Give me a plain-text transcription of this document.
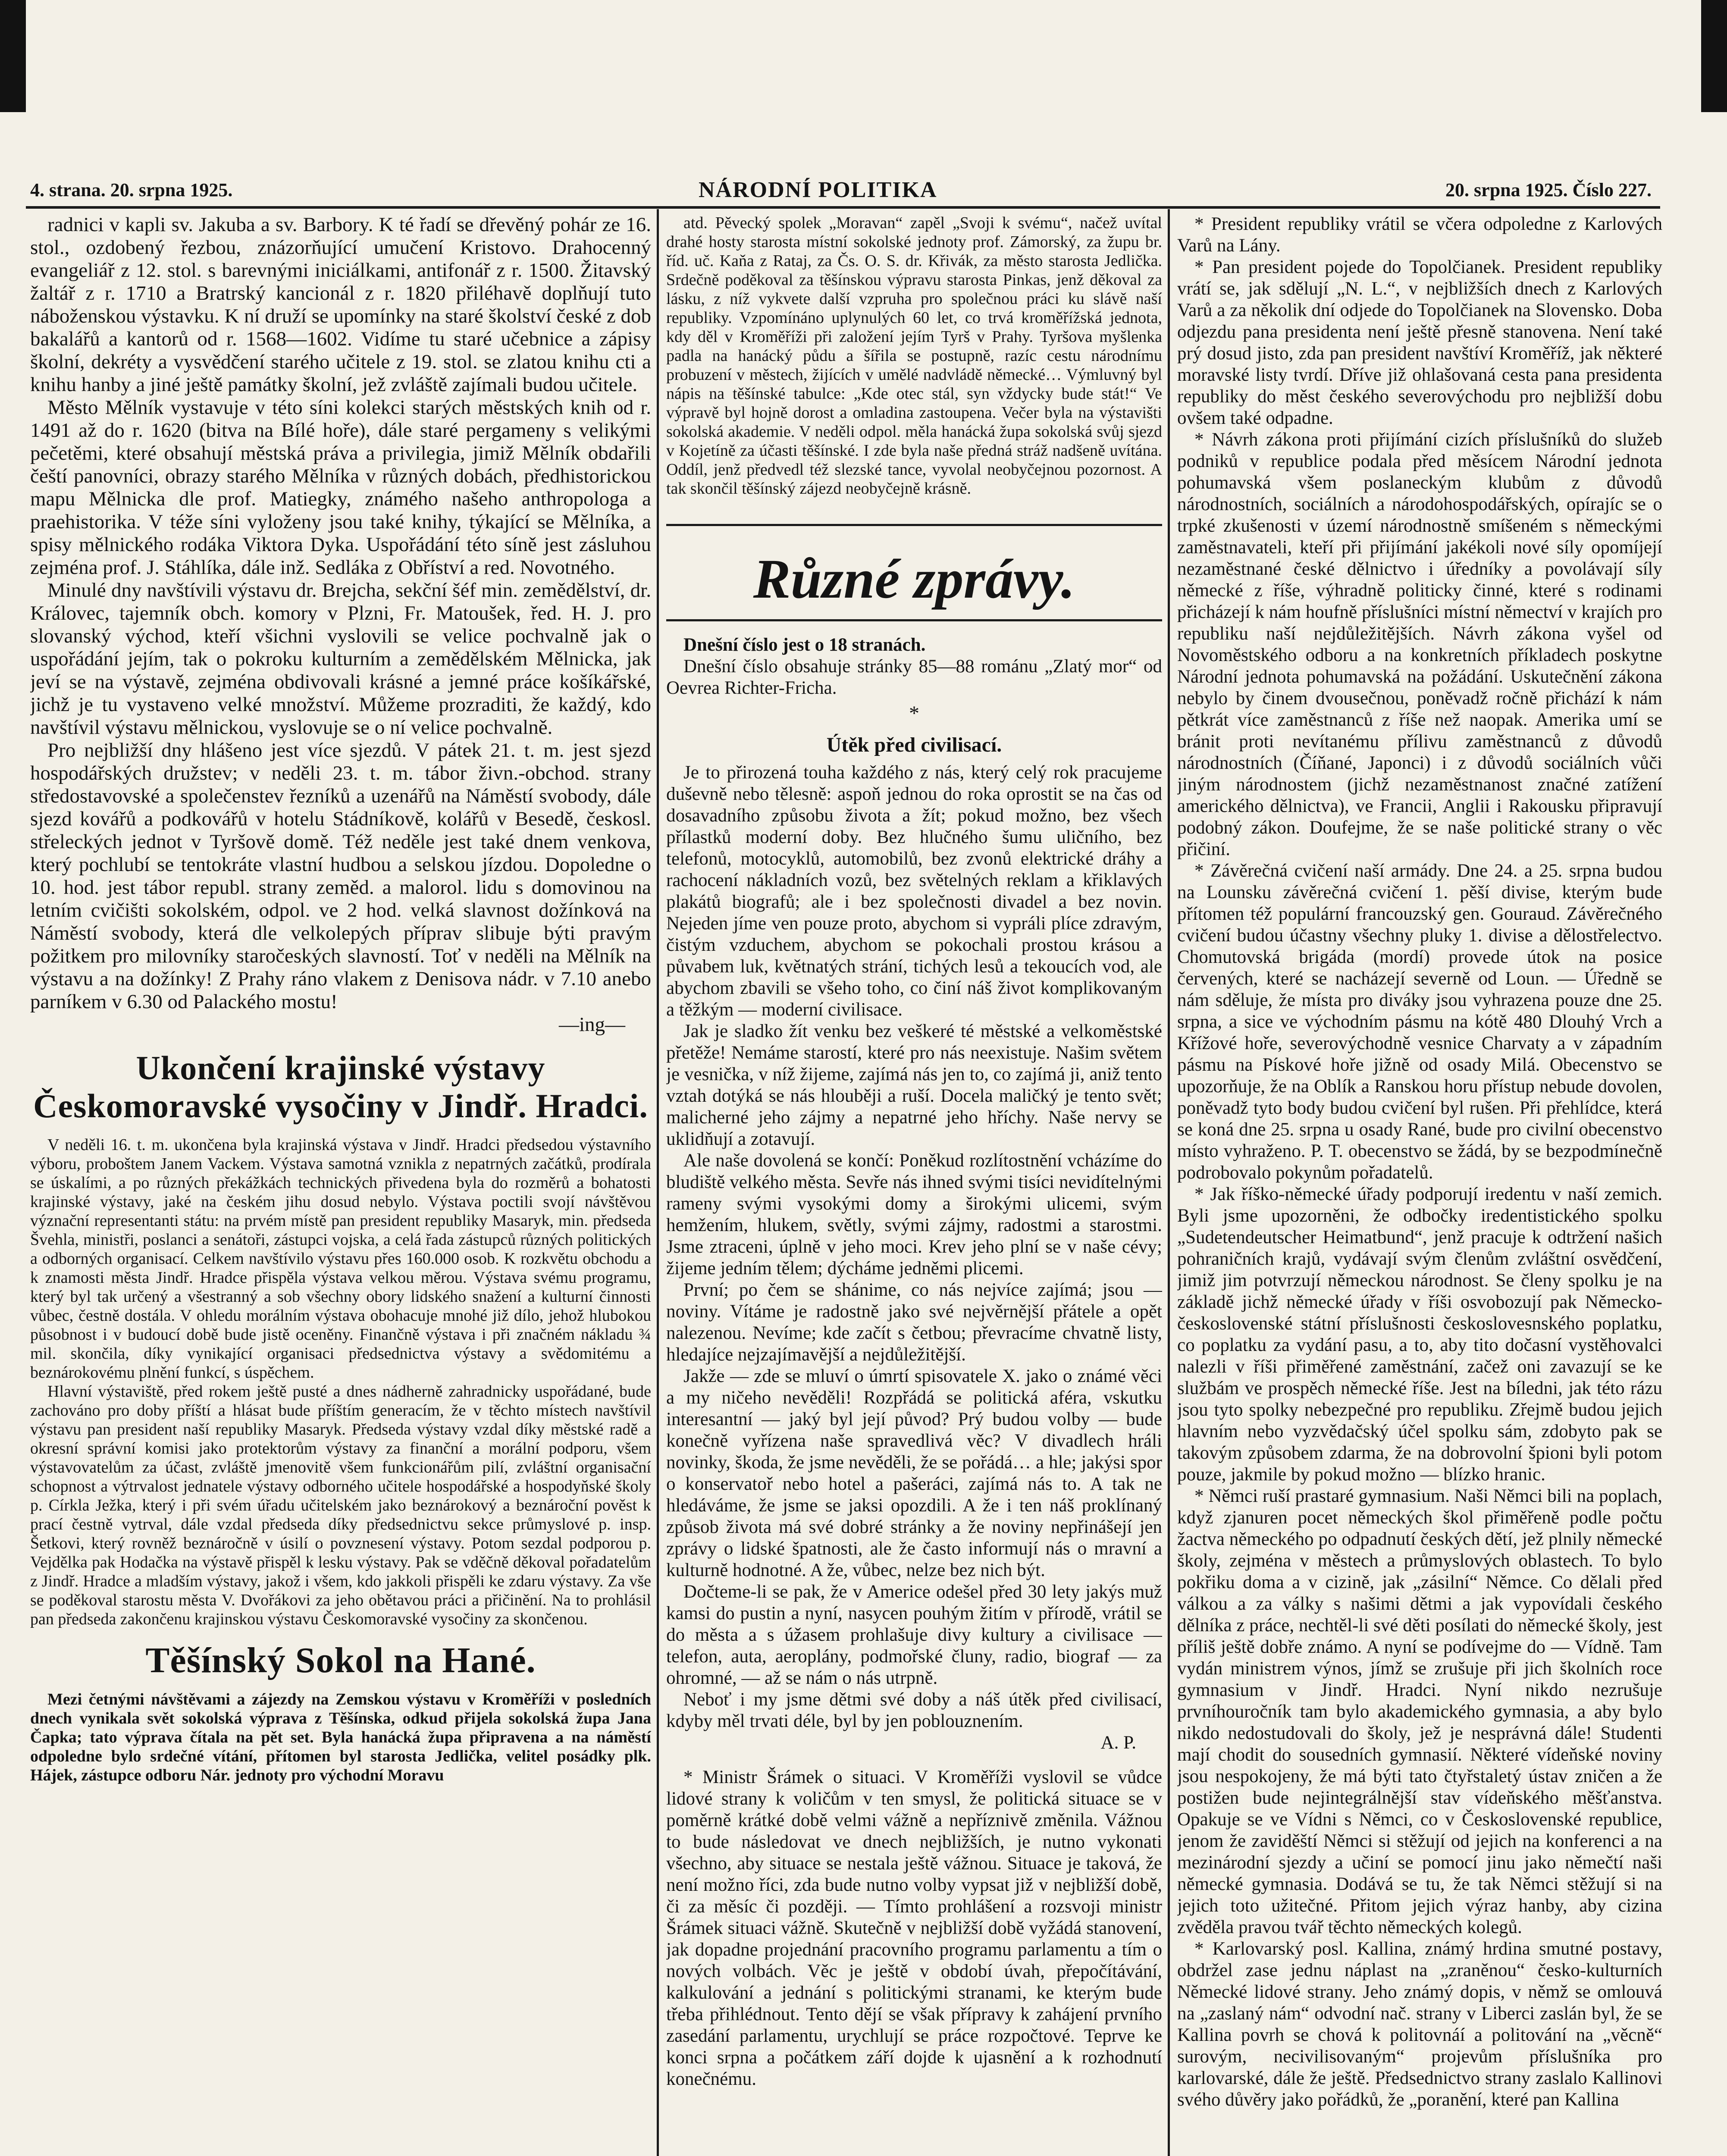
4. strana. 20. srpna 1925.	NÁRODNÍ POLITIKA	20. srpna 1925. Číslo 227.

radnici v kapli sv. Jakuba a sv. Barbory. K té řadí se dřevěný pohár ze 16. stol., ozdobený řezbou, znázorňující umučení Kristovo. Drahocenný evangeliář z 12. stol. s barevnými iniciálkami, antifonář z r. 1500. Žitavský žaltář z r. 1710 a Bratrský kancionál z r. 1820 přiléhavě doplňují tuto náboženskou výstavku. K ní druží se upomínky na staré školství české z dob bakalářů a kantorů od r. 1568—1602. Vidíme tu staré učebnice a zápisy školní, dekréty a vysvědčení starého učitele z 19. stol. se zlatou knihu cti a knihu hanby a jiné ještě památky školní, jež zvláště zajímali budou učitele.

Město Mělník vystavuje v této síni kolekci starých městských knih od r. 1491 až do r. 1620 (bitva na Bílé hoře), dále staré pergameny s velikými pečetěmi, které obsahují městská práva a privilegia, jimiž Mělník obdařili čeští panovníci, obrazy starého Mělníka v různých dobách, předhistorickou mapu Mělnicka dle prof. Matiegky, známého našeho anthropologa a praehistorika. V téže síni vyloženy jsou také knihy, týkající se Mělníka, a spisy mělnického rodáka Viktora Dyka. Uspořádání této síně jest zásluhou zejména prof. J. Stáhlíka, dále inž. Sedláka z Obříství a red. Novotného.

Minulé dny navštívili výstavu dr. Brejcha, sekční šéf min. zemědělství, dr. Královec, tajemník obch. komory v Plzni, Fr. Matoušek, řed. H. J. pro slovanský východ, kteří všichni vyslovili se velice pochvalně jak o uspořádání jejím, tak o pokroku kulturním a zemědělském Mělnicka, jak jeví se na výstavě, zejména obdivovali krásné a jemné práce košíkářské, jichž je tu vystaveno velké množství. Můžeme prozraditi, že každý, kdo navštívil výstavu mělnickou, vyslovuje se o ní velice pochvalně.

Pro nejbližší dny hlášeno jest více sjezdů. V pátek 21. t. m. jest sjezd hospodářských družstev; v neděli 23. t. m. tábor živn.-obchod. strany středostavovské a společenstev řezníků a uzenářů na Náměstí svobody, dále sjezd kovářů a podkovářů v hotelu Stádníkově, kolářů v Besedě, českosl. střeleckých jednot v Tyršově domě. Též neděle jest také dnem venkova, který pochlubí se tentokráte vlastní hudbou a selskou jízdou. Dopoledne o 10. hod. jest tábor republ. strany zeměd. a malorol. lidu s domovinou na letním cvičišti sokolském, odpol. ve 2 hod. velká slavnost dožínková na Náměstí svobody, která dle velkolepých příprav slibuje býti pravým požitkem pro milovníky staročeských slavností. Toť v neděli na Mělník na výstavu a na dožínky! Z Prahy ráno vlakem z Denisova nádr. v 7.10 anebo parníkem v 6.30 od Palackého mostu!

—ing—

Ukončení krajinské výstavy Českomoravské vysočiny v Jindř. Hradci.

V neděli 16. t. m. ukončena byla krajinská výstava v Jindř. Hradci předsedou výstavního výboru, proboštem Janem Vackem. Výstava samotná vznikla z nepatrných začátků, prodírala se úskalími, a po různých překážkách technických přivedena byla do rozměrů a bohatosti krajinské výstavy, jaké na českém jihu dosud nebylo. Výstava poctili svojí návštěvou význační representanti státu: na prvém místě pan president republiky Masaryk, min. předseda Švehla, ministři, poslanci a senátoři, zástupci vojska, a celá řada zástupců různých politických a odborných organisací. Celkem navštívilo výstavu přes 160.000 osob. K rozkvětu obchodu a k znamosti města Jindř. Hradce přispěla výstava velkou měrou. Výstava svému programu, který byl tak určený a všestranný a sob všechny obory lidského snažení a kulturní činnosti vůbec, čestně dostála. V ohledu morálním výstava obohacuje mnohé již dílo, jehož hlubokou působnost i v budoucí době bude jistě oceněny. Finančně výstava i při značném nákladu ¾ mil. skončila, díky vynikající organisaci předsednictva výstavy a svědomitému a beznárokovému plnění funkcí, s úspěchem.

Hlavní výstaviště, před rokem ještě pusté a dnes nádherně zahradnicky uspořádané, bude zachováno pro doby příští a hlásat bude příštím generacím, že v těchto místech navštívil výstavu pan president naší republiky Masaryk. Předseda výstavy vzdal díky městské radě a okresní správní komisi jako protektorům výstavy za finanční a morální podporu, všem výstavovatelům za účast, zvláště jmenovitě všem funkcionářům pilí, zvláštní organisační schopnost a výtrvalost jednatele výstavy odborného učitele hospodářské a hospodyňské školy p. Církla Ježka, který i při svém úřadu učitelském jako beznárokový a beznároční pověst k prací čestně vytrval, dále vzdal předseda díky předsednictvu sekce průmyslové p. insp. Šetkovi, který rovněž beznáročně v úsilí o povznesení výstavy. Potom sezdal podporou p. Vejdělka pak Hodačka na výstavě přispěl k lesku výstavy. Pak se vděčně děkoval pořadatelům z Jindř. Hradce a mladším výstavy, jakož i všem, kdo jakkoli přispěli ke zdaru výstavy. Za vše se poděkoval starostu města V. Dvořákovi za jeho obětavou práci a přičinění. Na to prohlásil pan předseda zakončenu krajinskou výstavu Českomoravské vysočiny za skončenou.

Těšínský Sokol na Hané.

Mezi četnými návštěvami a zájezdy na Zemskou výstavu v Kroměříži v posledních dnech vynikala svět sokolská výprava z Těšínska, odkud přijela sokolská župa Jana Čapka; tato výprava čítala na pět set. Byla hanácká župa připravena a na náměstí odpoledne bylo srdečné vítání, přítomen byl starosta Jedlička, velitel posádky plk. Hájek, zástupce odboru Nár. jednoty pro východní Moravu

atd. Pěvecký spolek „Moravan“ zapěl „Svoji k svému“, načež uvítal drahé hosty starosta místní sokolské jednoty prof. Zámorský, za župu br. říd. uč. Kaňa z Rataj, za Čs. O. S. dr. Křivák, za město starosta Jedlička. Srdečně poděkoval za těšínskou výpravu starosta Pinkas, jenž děkoval za lásku, z níž vykvete další vzpruha pro společnou práci ku slávě naší republiky. Vzpomínáno uplynulých 60 let, co trvá kroměřížská jednota, kdy děl v Kroměříži při založení jejím Tyrš v Prahy. Tyršova myšlenka padla na hanácký půdu a šířila se postupně, razíc cestu národnímu probuzení v městech, žijících v umělé nadvládě německé… Výmluvný byl nápis na těšínské tabulce: „Kde otec stál, syn vždycky bude stát!“ Ve výpravě byl hojně dorost a omladina zastoupena. Večer byla na výstavišti sokolská akademie. V neděli odpol. měla hanácká župa sokolská svůj sjezd v Kojetíně za účasti těšínské. I zde byla naše předná stráž nadšeně uvítána. Oddíl, jenž předvedl též slezské tance, vyvolal neobyčejnou pozornost. A tak skončil těšínský zájezd neobyčejně krásně.

Různé zprávy.

Dnešní číslo jest o 18 stranách.

Dnešní číslo obsahuje stránky 85—88 románu „Zlatý mor“ od Oevrea Richter-Fricha.

*
Útěk před civilisací.

Je to přirozená touha každého z nás, který celý rok pracujeme duševně nebo tělesně: aspoň jednou do roka oprostit se na čas od dosavadního způsobu života a žít; pokud možno, bez všech přílastků moderní doby. Bez hlučného šumu uličního, bez telefonů, motocyklů, automobilů, bez zvonů elektrické dráhy a rachocení nákladních vozů, bez světelných reklam a křiklavých plakátů biografů; ale i bez společnosti divadel a bez novin. Nejeden jíme ven pouze proto, abychom si vypráli plíce zdravým, čistým vzduchem, abychom se pokochali prostou krásou a půvabem luk, květnatých strání, tichých lesů a tekoucích vod, ale abychom zbavili se všeho toho, co činí náš život komplikovaným a těžkým — moderní civilisace.

Jak je sladko žít venku bez veškeré té městské a velkoměstské přetěže! Nemáme starostí, které pro nás neexistuje. Našim světem je vesnička, v níž žijeme, zajímá nás jen to, co zajímá ji, aniž tento vztah dotýká se nás hlouběji a ruší. Docela maličký je tento svět; malicherné jeho zájmy a nepatrné jeho hříchy. Naše nervy se uklidňují a zotavují.

Ale naše dovolená se končí: Poněkud rozlítostnění vcházíme do bludiště velkého města. Sevře nás ihned svými tisíci nevidítelnými rameny svými vysokými domy a širokými ulicemi, svým hemžením, hlukem, světly, svými zájmy, radostmi a starostmi. Jsme ztraceni, úplně v jeho moci. Krev jeho plní se v naše cévy; žijeme jedním tělem; dýcháme jedněmi plicemi.

První; po čem se shánime, co nás nejvíce zajímá; jsou — noviny. Vítáme je radostně jako své nejvěrnější přátele a opět nalezenou. Nevíme; kde začít s četbou; převracíme chvatně listy, hledajíce nejzajímavější a nejdůležitější.

Jakže — zde se mluví o úmrtí spisovatele X. jako o známé věci a my ničeho nevěděli! Rozpřádá se politická aféra, vskutku interesantní — jaký byl její původ? Prý budou volby — bude konečně vyřízena naše spravedlivá věc? V divadlech hráli novinky, škoda, že jsme nevěděli, že se pořádá… a hle; jakýsi spor o konservatoř nebo hotel a pašeráci, zajímá nás to. A tak ne hledáváme, že jsme se jaksi opozdili. A že i ten náš proklínaný způsob života má své dobré stránky a že noviny nepřinášejí jen zprávy o lidské špatnosti, ale že často informují nás o mravní a kulturně hodnotné. A že, vůbec, nelze bez nich být.

Dočteme-li se pak, že v Americe odešel před 30 lety jakýs muž kamsi do pustin a nyní, nasycen pouhým žitím v přírodě, vrátil se do města a s úžasem prohlašuje divy kultury a civilisace — telefon, auta, aeroplány, podmořské čluny, radio, biograf — za ohromné, — až se nám o nás utrpně.

Neboť i my jsme dětmi své doby a náš útěk před civilisací, kdyby měl trvati déle, byl by jen poblouznením.

A. P.

* Ministr Šrámek o situaci. V Kroměříži vyslovil se vůdce lidové strany k voličům v ten smysl, že politická situace se v poměrně krátké době velmi vážně a nepříznivě změnila. Vážnou to bude následovat ve dnech nejbližších, je nutno vykonati všechno, aby situace se nestala ještě vážnou. Situace je taková, že není možno říci, zda bude nutno volby vypsat již v nejbližší době, či za měsíc či později. — Tímto prohlášení a rozsvoji ministr Šrámek situaci vážně. Skutečně v nejbližší době vyžádá stanovení, jak dopadne projednání pracovního programu parlamentu a tím o nových volbách. Věc je ještě v období úvah, přepočítávání, kalkulování a jednání s politickými stranami, ke kterým bude třeba přihlédnout. Tento dějí se však přípravy k zahájení prvního zasedání parlamentu, urychlují se práce rozpočtové. Teprve ke konci srpna a počátkem září dojde k ujasnění a k rozhodnutí konečnému.

* President republiky vrátil se včera odpoledne z Karlových Varů na Lány.

* Pan president pojede do Topolčianek. President republiky vrátí se, jak sdělují „N. L.“, v nejbližších dnech z Karlových Varů a za několik dní odjede do Topolčianek na Slovensko. Doba odjezdu pana presidenta není ještě přesně stanovena. Není také prý dosud jisto, zda pan president navštíví Kroměříž, jak některé moravské listy tvrdí. Dříve již ohlašovaná cesta pana presidenta republiky do měst českého severovýchodu pro nejbližší dobu ovšem také odpadne.

* Návrh zákona proti přijímání cizích příslušníků do služeb podniků v republice podala před měsícem Národní jednota pohumavská všem poslaneckým klubům z důvodů národnostních, sociálních a národohospodářských, opírajíc se o trpké zkušenosti v území národnostně smíšeném s německými zaměstnavateli, kteří při přijímání jakékoli nové síly opomíjejí nezaměstnané české dělnictvo i úředníky a povolávají síly německé z říše, výhradně politicky činné, které s rodinami přicházejí k nám houfně příslušníci místní němectví v krajích pro republiku naší nejdůležitějších. Návrh zákona vyšel od Novoměstského odboru a na konkretních příkladech poskytne Národní jednota pohumavská na požádání. Uskutečnění zákona nebylo by činem dvousečnou, poněvadž ročně přichází k nám pětkrát více zaměstnanců z říše než naopak. Amerika umí se bránit proti nevítanému přílivu zaměstnanců z důvodů národnostních (Číňané, Japonci) i z důvodů sociálních vůči jiným národnostem (jichž nezaměstnanost značné zatížení amerického dělnictva), ve Francii, Anglii i Rakousku připravují podobný zákon. Doufejme, že se naše politické strany o věc přičiní.

* Závěrečná cvičení naší armády. Dne 24. a 25. srpna budou na Lounsku závěrečná cvičení 1. pěší divise, kterým bude přítomen též populární francouzský gen. Gouraud. Závěrečného cvičení budou účastny všechny pluky 1. divise a dělostřelectvo. Chomutovská brigáda (mordí) provede útok na posice červených, které se nacházejí severně od Loun. — Úředně se nám sděluje, že místa pro diváky jsou vyhrazena pouze dne 25. srpna, a sice ve východním pásmu na kótě 480 Dlouhý Vrch a Křížové hoře, severovýchodně vesnice Charvaty a v západním pásmu na Pískové hoře jižně od osady Milá. Obecenstvo se upozorňuje, že na Oblík a Ranskou horu přístup nebude dovolen, poněvadž tyto body budou cvičení byl rušen. Při přehlídce, která se koná dne 25. srpna u osady Rané, bude pro civilní obecenstvo místo vyhraženo. P. T. obecenstvo se žádá, by se bezpodmínečně podrobovalo pokynům pořadatelů.

* Jak říško-německé úřady podporují iredentu v naší zemich. Byli jsme upozorněni, že odbočky iredentistického spolku „Sudetendeutscher Heimatbund“, jenž pracuje k odtržení našich pohraničních krajů, vydávají svým členům zvláštní osvědčení, jimiž jim potvrzují německou národnost. Se členy spolku je na základě jichž německé úřady v říši osvobozují pak Německo-československé státní příslušnosti českoslovesnského poplatku, co poplatku za vydání pasu, a to, aby tito dočasní vystěhovalci nalezli v říši přiměřené zaměstnání, začež oni zavazují se ke službám ve prospěch německé říše. Jest na bíledni, jak této rázu jsou tyto spolky nebezpečné pro republiku. Zřejmě budou jejich hlavním nebo vyzvědačský účel spolku sám, zdobyto pak se takovým způsobem zdarma, že na dobrovolní špioni byli potom pouze, jakmile by pokud možno — blízko hranic.

* Němci ruší prastaré gymnasium. Naši Němci bili na poplach, když zjanuren pocet německých škol přiměřeně podle počtu žactva německého po odpadnutí českých dětí, jež plnily německé školy, zejména v městech a průmyslových oblastech. To bylo pokřiku doma a v cizině, jak „zásilní“ Němce. Co dělali před válkou a za války s našimi dětmi a jak vypovídali českého dělníka z práce, nechtěl-li své děti posílati do německé školy, jest příliš ještě dobře známo. A nyní se podívejme do — Vídně. Tam vydán ministrem výnos, jímž se zrušuje při jich školních roce gymnasium v Jindř. Hradci. Nyní nikdo nezrušuje prvníhouročník tam bylo akademického gymnasia, a aby bylo nikdo nedostudovali do školy, jež je nesprávná dále! Studenti mají chodit do sousedních gymnasií. Některé vídeňské noviny jsou nespokojeny, že má býti tato čtyřstaletý ústav zničen a že postižen bude nejintegrálnější stav vídeňského měšťanstva. Opakuje se ve Vídni s Němci, co v Československé republice, jenom že zaviděští Němci si stěžují od jejich na konferenci a na mezinárodní sjezdy a učiní se pomocí jinu jako němečtí naši německé gymnasia. Dodává se tu, že tak Němci stěžují si na jejich toto užitečné. Přitom jejich výraz hanby, aby cizina zvěděla pravou tvář těchto německých kolegů.

* Karlovarský posl. Kallina, známý hrdina smutné postavy, obdržel zase jednu náplast na „zraněnou“ česko-kulturních Německé lidové strany. Jeho známý dopis, v němž se omlouvá na „zaslaný nám“ odvodní nač. strany v Liberci zaslán byl, že se Kallina povrh se chová k politovnáí a politování na „věcně“ surovým, necivilisovaným“ projevům příslušníka pro karlovarské, dále že ještě. Předsednictvo strany zaslalo Kallinovi svého důvěry jako pořádků, že „poranění, které pan Kallina
